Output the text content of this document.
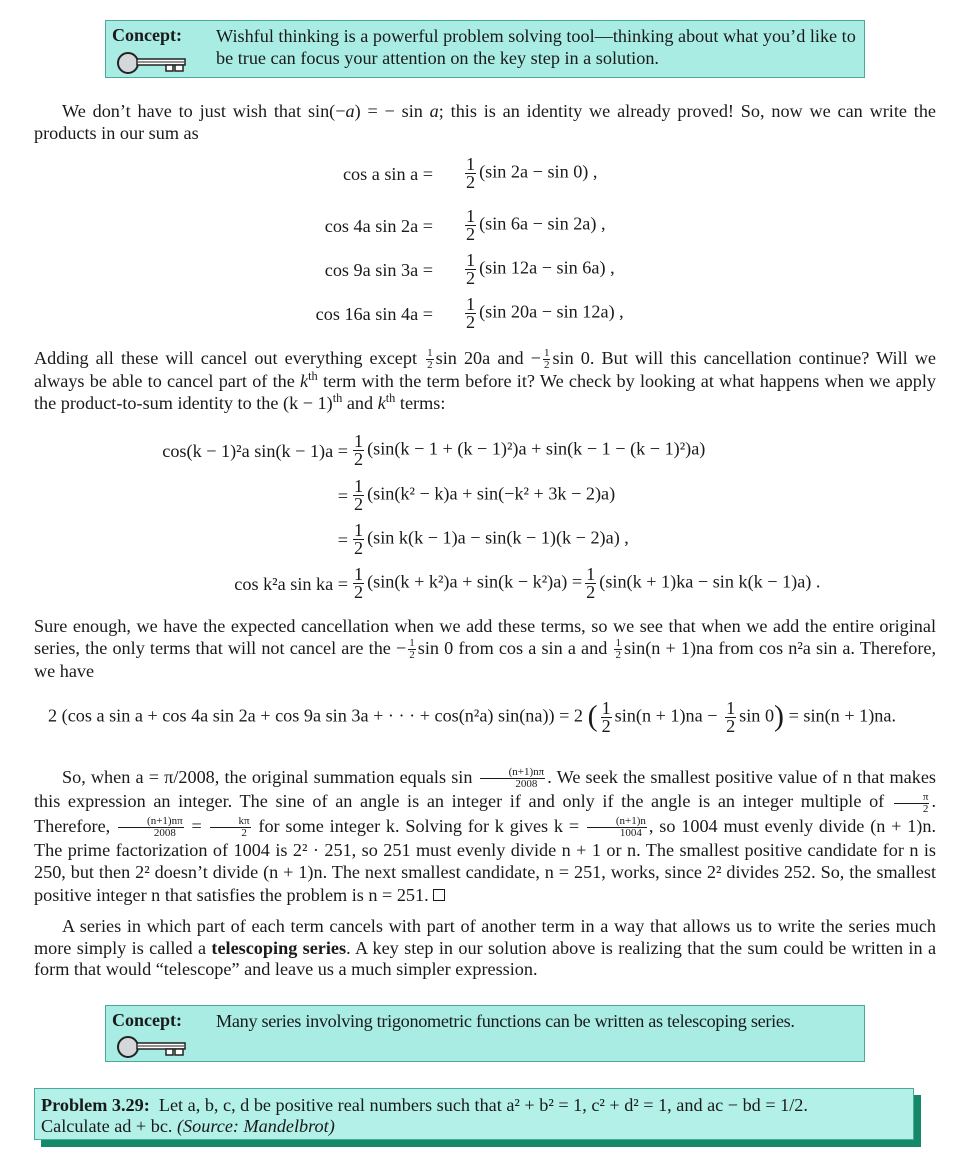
Concept: Wishful thinking is a powerful problem solving tool—thinking about what you’d like to be true can focus your attention on the key step in a solution.
We don’t have to just wish that sin(−a) = − sin a; this is an identity we already proved! So, now we can write the products in our sum as
cos a $\sin a = \frac{1}{2} (\sin$ 2a − sin 0) ,
cos 4a $\sin 2a = \frac{1}{2} (\sin$ 6a − sin 2a) ,
cos 9a $\sin 3a = \frac{1}{2} (\sin$ 12a − sin 6a) ,
cos 16a $\sin 4a = \frac{1}{2} (\sin$ 20a − sin 12a) ,
Adding all these will cancel out everything except $\frac{1}{2}$ sin 20a and − $\frac{1}{2}$ sin 0. But will this cancellation continue? Will we always be able to cancel part of the $k^{th}$ term with the term before it? We check by looking at what happens when we apply the product-to-sum identity to the $(k - 1)^{th}$ and $k^{th}$ terms:
cos(k − 1)²a $\sin(k - 1)a = \frac{1}{2} (\sin(k - 1 + (k - 1)^2)a + \sin(k - 1 - (k - 1)^2)a)$
= $\frac{1}{2} (\sin(k^2 - k)a + \sin(-k^2 + 3k - 2)a)$
= $\frac{1}{2} (\sin$ k(k − 1)a − sin(k − 1)(k − 2)a) ,
cos k²a sin ka = $\frac{1}{2} (\sin(k + k^2)a + \sin(k - k^2)a) = \frac{1}{2} (\sin(k + 1)ka - \sin k(k - 1)a)$ .
Sure enough, we have the expected cancellation when we add these terms, so we see that when we add the entire original series, the only terms that will not cancel are the − $\frac{1}{2}$ sin 0 from cos a sin a and $\frac{1}{2} \sin(n + 1)na$ from cos n²a sin a. Therefore, we have
2 (cos a sin a + cos 4a sin 2a + cos 9a sin 3a + · · · + cos(n²a) sin(na)) = 2 ( $\frac{1}{2} \sin(n + 1)na - \frac{1}{2}$ sin 0) = sin(n + 1)na.
So, when a = π/2008, the original summation equals $\sin \frac{(n+1)n\pi}{2008}$ . We seek the smallest positive value of n that makes this expression an integer. The sine of an angle is an integer if and only if the angle is an integer multiple of $\frac{\pi}{2}$ . Therefore, $\frac{(n+1)n\pi}{2008} = \frac{k\pi}{2}$ for some integer k. Solving for k gives $k = \frac{(n+1)n}{1004}$ , so 1004 must evenly divide (n + 1)n. The prime factorization of 1004 is 2² · 251, so 251 must evenly divide n + 1 or n. The smallest positive candidate for n is 250, but then 2² doesn’t divide (n + 1)n. The next smallest candidate, n = 251, works, since 2² divides 252. So, the smallest positive integer n that satisfies the problem is n = 251.
A series in which part of each term cancels with part of another term in a way that allows us to write the series much more simply is called a telescoping series. A key step in our solution above is realizing that the sum could be written in a form that would “telescope” and leave us a much simpler expression.
Concept: Many series involving trigonometric functions can be written as telescoping series.
Problem 3.29: Let a, b, c, d be positive real numbers such that a² + b² = 1, c² + d² = 1, and ac − bd = 1/2.
Calculate ad + bc. (Source: Mandelbrot)
